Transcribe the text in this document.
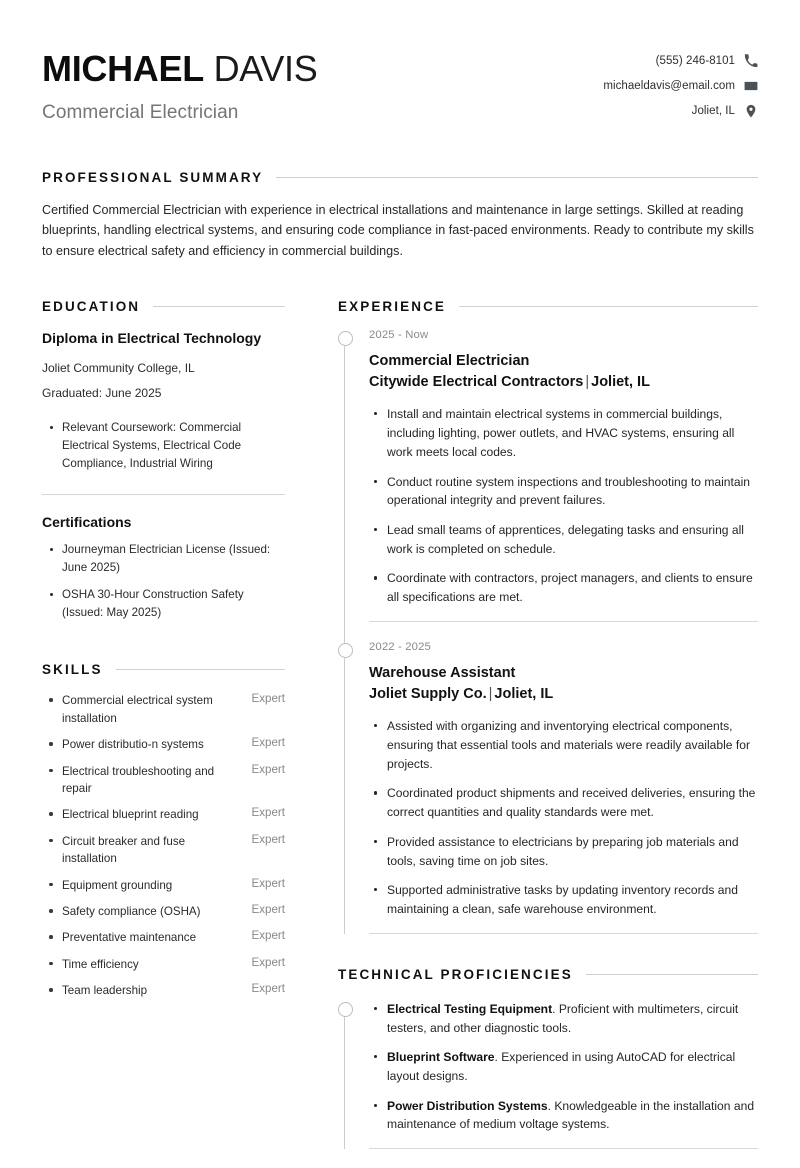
MICHAEL DAVIS
Commercial Electrician
(555) 246-8101
michaeldavis@email.com
Joliet, IL
PROFESSIONAL SUMMARY

Certified Commercial Electrician with experience in electrical installations and maintenance in large settings. Skilled at reading blueprints, handling electrical systems, and ensuring code compliance in fast-paced environments. Ready to contribute my skills to ensure electrical safety and efficiency in commercial buildings.

EDUCATION
Diploma in Electrical Technology
Joliet Community College, IL
Graduated: June 2025
Relevant Coursework: Commercial Electrical Systems, Electrical Code Compliance, Industrial Wiring
Certifications
Journeyman Electrician License (Issued: June 2025)
OSHA 30-Hour Construction Safety (Issued: May 2025)
SKILLS
Commercial electrical system installation
Expert
Power distributio-n systems	Expert
Electrical troubleshooting and repair
Expert
Electrical blueprint reading	Expert
Circuit breaker and fuse installation
Expert
Equipment grounding	Expert
Safety compliance (OSHA)	Expert
Preventative maintenance	Expert
Time efficiency	Expert
Team leadership	Expert
EXPERIENCE
2025 - Now
Commercial Electrician
Citywide Electrical Contractors | Joliet, IL
Install and maintain electrical systems in commercial buildings, including lighting, power outlets, and HVAC systems, ensuring all work meets local codes.
Conduct routine system inspections and troubleshooting to maintain operational integrity and prevent failures.
Lead small teams of apprentices, delegating tasks and ensuring all work is completed on schedule.
Coordinate with contractors, project managers, and clients to ensure all specifications are met.
2022 - 2025
Warehouse Assistant
Joliet Supply Co. | Joliet, IL
Assisted with organizing and inventorying electrical components, ensuring that essential tools and materials were readily available for projects.
Coordinated product shipments and received deliveries, ensuring the correct quantities and quality standards were met.
Provided assistance to electricians by preparing job materials and tools, saving time on job sites.
Supported administrative tasks by updating inventory records and maintaining a clean, safe warehouse environment.
TECHNICAL PROFICIENCIES
Electrical Testing Equipment. Proficient with multimeters, circuit testers, and other diagnostic tools.
Blueprint Software. Experienced in using AutoCAD for electrical layout designs.
Power Distribution Systems. Knowledgeable in the installation and maintenance of medium voltage systems.
